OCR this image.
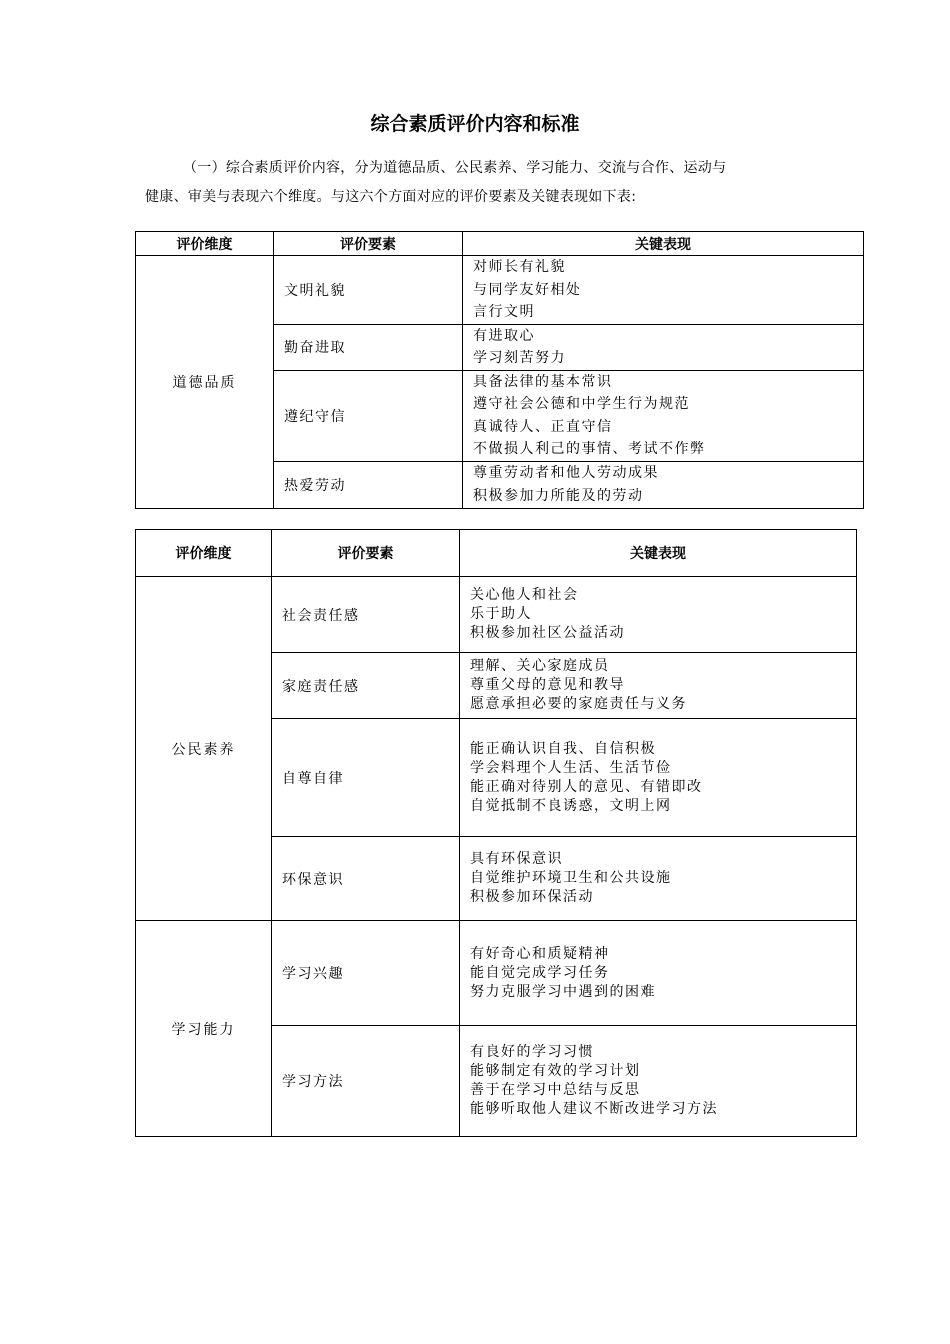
综合素质评价内容和标准
（一）综合素质评价内容，分为道德品质、公民素养、学习能力、交流与合作、运动与
健康、审美与表现六个维度。与这六个方面对应的评价要素及关键表现如下表:
评价维度	评价要素	关键表现
道德品质	文明礼貌	对师长有礼貌
与同学友好相处
言行文明

	勤奋进取	有进取心
学习刻苦努力

	遵纪守信	具备法律的基本常识
遵守社会公德和中学生行为规范
真诚待人、正直守信
不做损人利己的事情、考试不作弊

	热爱劳动	尊重劳动者和他人劳动成果
积极参加力所能及的劳动
评价维度	评价要素	关键表现
公民素养	社会责任感	关心他人和社会
乐于助人
积极参加社区公益活动

	家庭责任感	理解、关心家庭成员
尊重父母的意见和教导
愿意承担必要的家庭责任与义务

	自尊自律	能正确认识自我、自信积极
学会料理个人生活、生活节俭
能正确对待别人的意见、有错即改
自觉抵制不良诱惑，文明上网

	环保意识	具有环保意识
自觉维护环境卫生和公共设施
积极参加环保活动

学习能力	学习兴趣	有好奇心和质疑精神
能自觉完成学习任务
努力克服学习中遇到的困难

	学习方法	有良好的学习习惯
能够制定有效的学习计划
善于在学习中总结与反思
能够听取他人建议不断改进学习方法
